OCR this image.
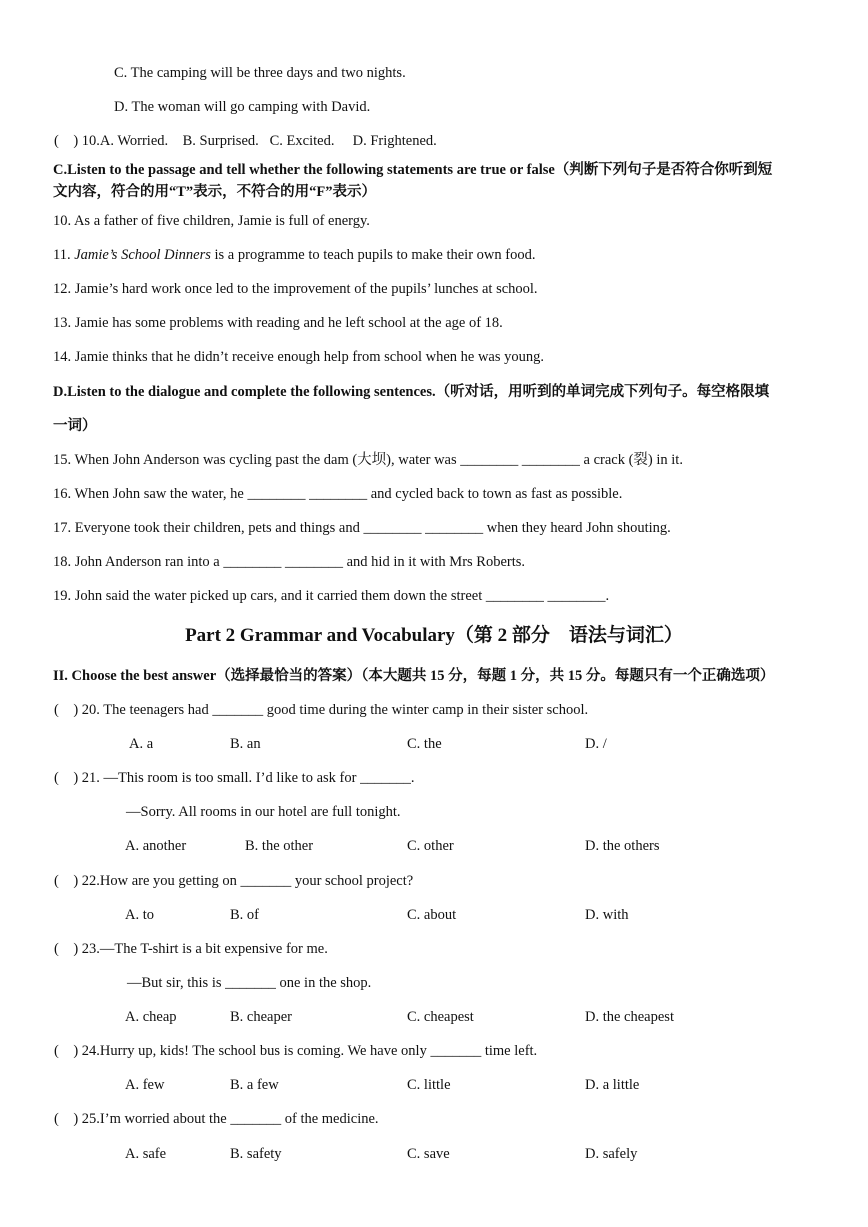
C. The camping will be three days and two nights.
D. The woman will go camping with David.
(    ) 10.A. Worried.    B. Surprised.   C. Excited.     D. Frightened.
C.Listen to the passage and tell whether the following statements are true or false（判断下列句子是否符合你听到短
文内容，符合的用“T”表示，不符合的用“F”表示）
10. As a father of five children, Jamie is full of energy.
11. Jamie’s School Dinners is a programme to teach pupils to make their own food.
12. Jamie’s hard work once led to the improvement of the pupils’ lunches at school.
13. Jamie has some problems with reading and he left school at the age of 18.
14. Jamie thinks that he didn’t receive enough help from school when he was young.
D.Listen to the dialogue and complete the following sentences.（听对话，用听到的单词完成下列句子。每空格限填
一词）
15. When John Anderson was cycling past the dam (大坝), water was ________ ________ a crack (裂) in it.
16. When John saw the water, he ________ ________ and cycled back to town as fast as possible.
17. Everyone took their children, pets and things and ________ ________ when they heard John shouting.
18. John Anderson ran into a ________ ________ and hid in it with Mrs Roberts.
19. John said the water picked up cars, and it carried them down the street ________ ________.
Part 2 Grammar and Vocabulary（第 2 部分    语法与词汇）
II. Choose the best answer（选择最恰当的答案）（本大题共 15 分，每题 1 分，共 15 分。每题只有一个正确选项）
(    ) 20. The teenagers had _______ good time during the winter camp in their sister school.
A. a	B. an	C. the	D. /
(    ) 21. —This room is too small. I’d like to ask for _______.
—Sorry. All rooms in our hotel are full tonight.
A. another	B. the other	C. other	D. the others
(    ) 22.How are you getting on _______ your school project?
A. to	B. of	C. about	D. with
(    ) 23.—The T-shirt is a bit expensive for me.
—But sir, this is _______ one in the shop.
A. cheap	B. cheaper	C. cheapest	D. the cheapest
(    ) 24.Hurry up, kids! The school bus is coming. We have only _______ time left.
A. few	B. a few	C. little	D. a little
(    ) 25.I’m worried about the _______ of the medicine.
A. safe	B. safety	C. save	D. safely
